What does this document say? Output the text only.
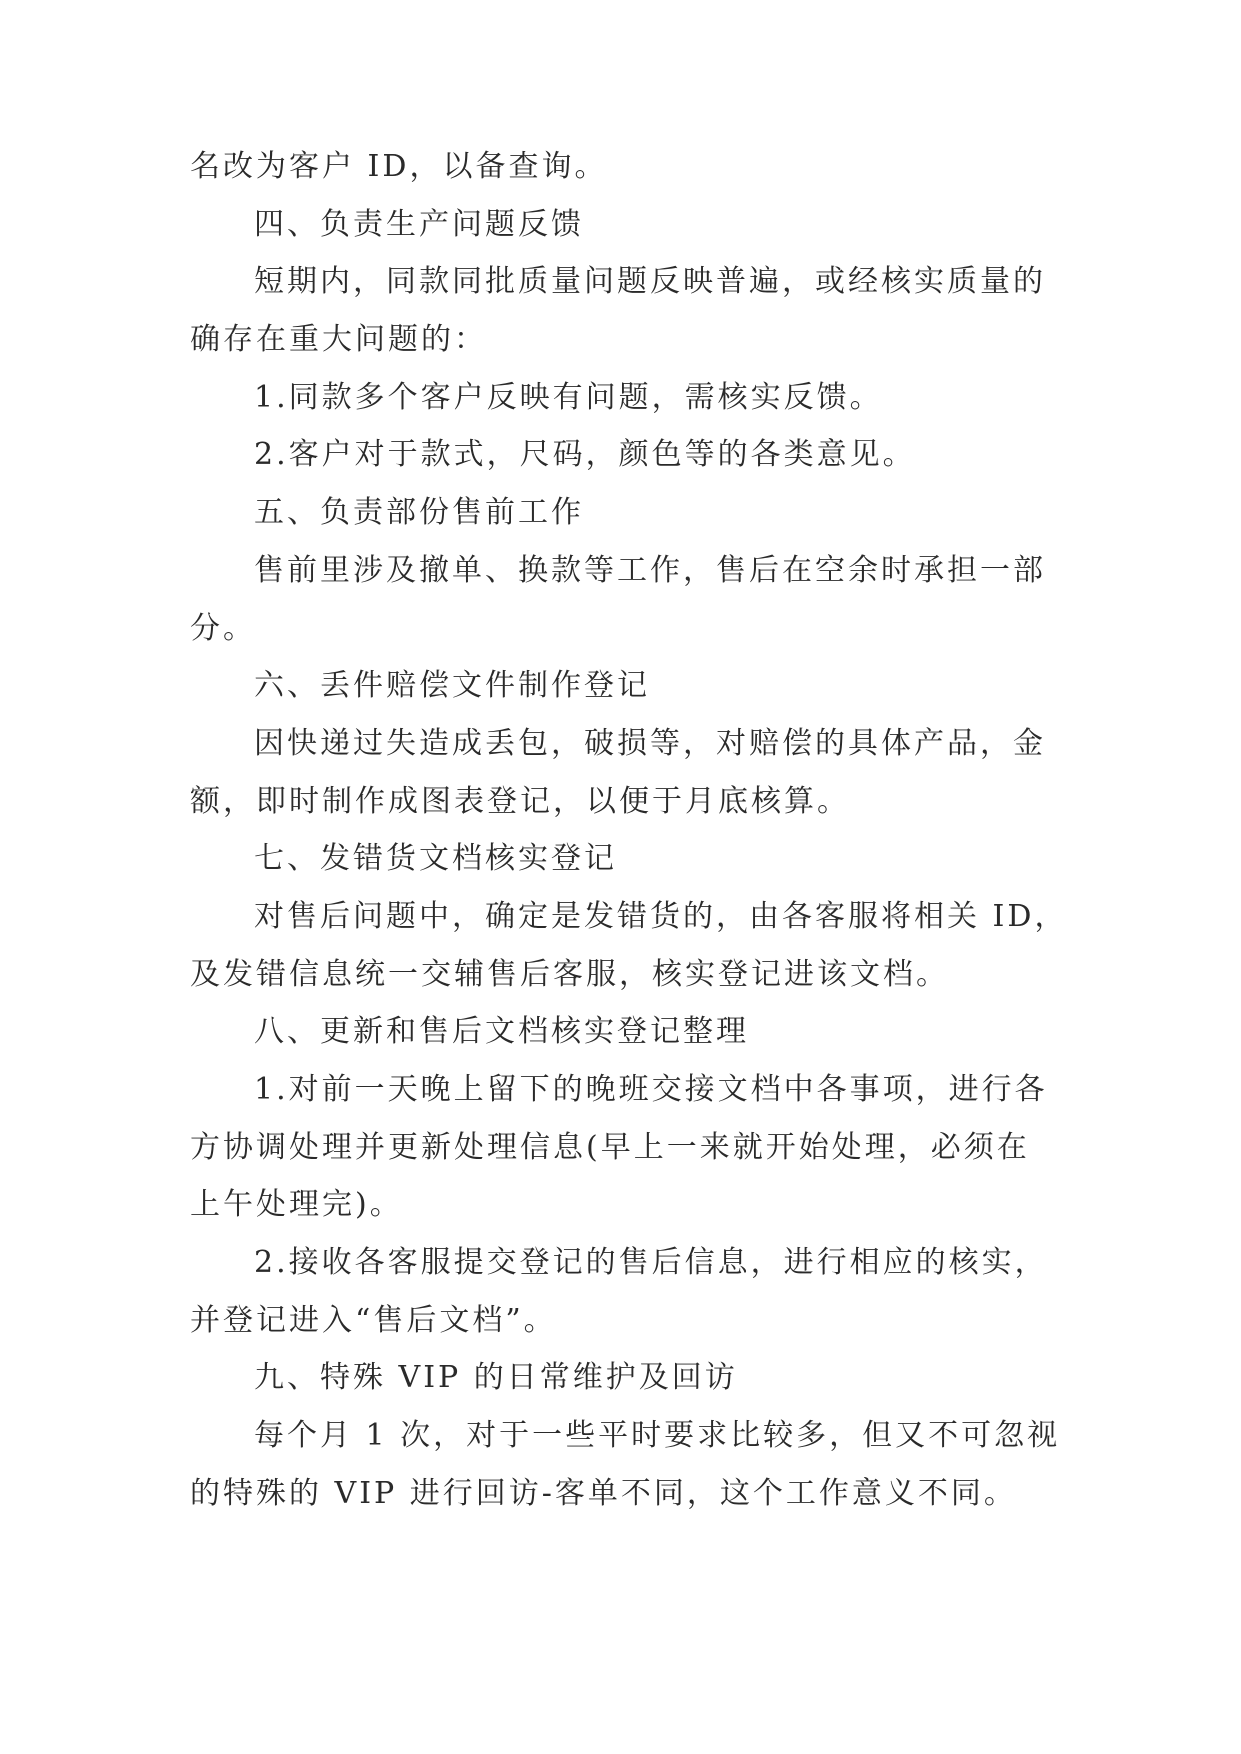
名改为客户 ID，以备查询。
四、负责生产问题反馈
短期内，同款同批质量问题反映普遍，或经核实质量的
确存在重大问题的：
1.同款多个客户反映有问题，需核实反馈。
2.客户对于款式，尺码，颜色等的各类意见。
五、负责部份售前工作
售前里涉及撤单、换款等工作，售后在空余时承担一部
分。
六、丢件赔偿文件制作登记
因快递过失造成丢包，破损等，对赔偿的具体产品，金
额，即时制作成图表登记，以便于月底核算。
七、发错货文档核实登记
对售后问题中，确定是发错货的，由各客服将相关 ID，
及发错信息统一交辅售后客服，核实登记进该文档。
八、更新和售后文档核实登记整理
1.对前一天晚上留下的晚班交接文档中各事项，进行各
方协调处理并更新处理信息(早上一来就开始处理，必须在
上午处理完)。
2.接收各客服提交登记的售后信息，进行相应的核实，
并登记进入“售后文档”。
九、特殊 VIP 的日常维护及回访
每个月 1 次，对于一些平时要求比较多，但又不可忽视
的特殊的 VIP 进行回访-客单不同，这个工作意义不同。
